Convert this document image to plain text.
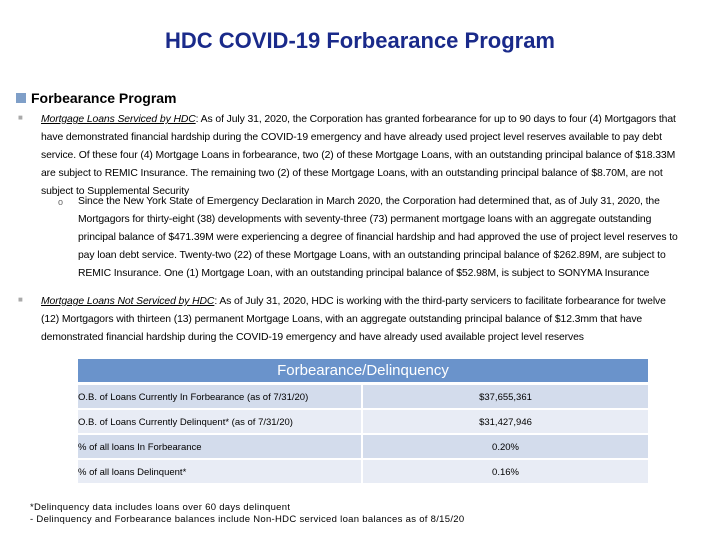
HDC COVID-19 Forbearance Program
Forbearance Program
■ Mortgage Loans Serviced by HDC: As of July 31, 2020, the Corporation has granted forbearance for up to 90 days to four (4) Mortgagors that have demonstrated financial hardship during the COVID-19 emergency and have already used project level reserves available to pay debt service. Of these four (4) Mortgage Loans in forbearance, two (2) of these Mortgage Loans, with an outstanding principal balance of $18.33M are subject to REMIC Insurance. The remaining two (2) of these Mortgage Loans, with an outstanding principal balance of $8.70M, are not subject to Supplemental Security
o Since the New York State of Emergency Declaration in March 2020, the Corporation had determined that, as of July 31, 2020, the Mortgagors for thirty-eight (38) developments with seventy-three (73) permanent mortgage loans with an aggregate outstanding principal balance of $471.39M were experiencing a degree of financial hardship and had approved the use of project level reserves to pay loan debt service. Twenty-two (22) of these Mortgage Loans, with an outstanding principal balance of $262.89M, are subject to REMIC Insurance. One (1) Mortgage Loan, with an outstanding principal balance of $52.98M, is subject to SONYMA Insurance
■ Mortgage Loans Not Serviced by HDC: As of July 31, 2020, HDC is working with the third-party servicers to facilitate forbearance for twelve (12) Mortgagors with thirteen (13) permanent Mortgage Loans, with an aggregate outstanding principal balance of $12.3mm that have demonstrated financial hardship during the COVID-19 emergency and have already used available project level reserves
Forbearance/Delinquency
O.B. of Loans Currently In Forbearance (as of 7/31/20)	$37,655,361
O.B. of Loans Currently Delinquent* (as of 7/31/20)	$31,427,946
% of all loans In Forbearance	0.20%
% of all loans Delinquent*	0.16%
*Delinquency data includes loans over 60 days delinquent
- Delinquency and Forbearance balances include Non-HDC serviced loan balances as of 8/15/20
